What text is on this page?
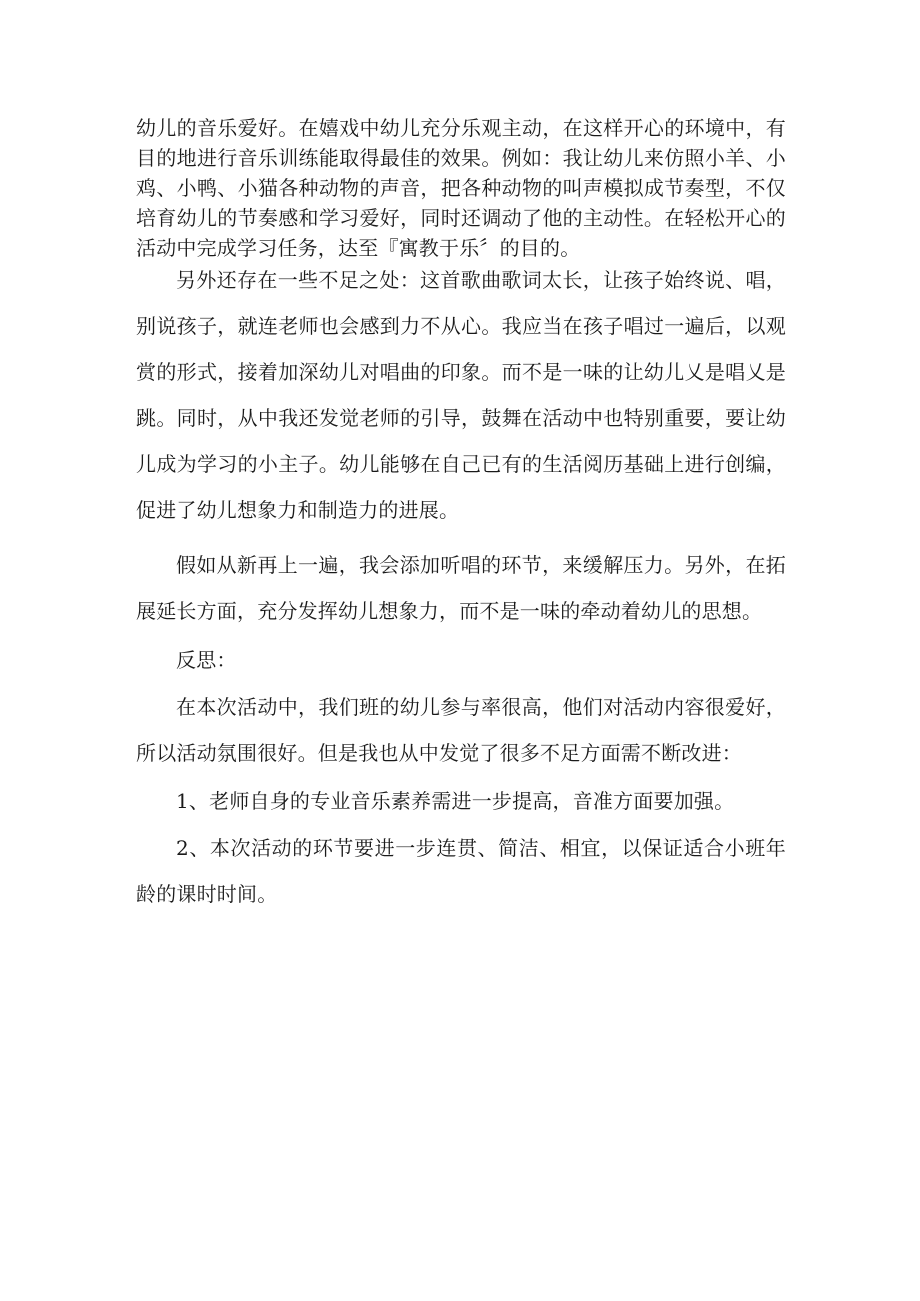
幼儿的音乐爱好。在嬉戏中幼儿充分乐观主动，在这样开心的环境中，有目的地进行音乐训练能取得最佳的效果。例如：我让幼儿来仿照小羊、小鸡、小鸭、小猫各种动物的声音，把各种动物的叫声模拟成节奏型，不仅培育幼儿的节奏感和学习爱好，同时还调动了他的主动性。在轻松开心的活动中完成学习任务，达至『寓教于乐〞的目的。

另外还存在一些不足之处：这首歌曲歌词太长，让孩子始终说、唱，别说孩子，就连老师也会感到力不从心。我应当在孩子唱过一遍后，以观赏的形式，接着加深幼儿对唱曲的印象。而不是一味的让幼儿乂是唱乂是跳。同时，从中我还发觉老师的引导，鼓舞在活动中也特别重要，要让幼儿成为学习的小主子。幼儿能够在自己已有的生活阅历基础上进行创编，促进了幼儿想象力和制造力的进展。

假如从新再上一遍，我会添加听唱的环节，来缓解压力。另外，在拓展延长方面，充分发挥幼儿想象力，而不是一味的牵动着幼儿的思想。

反思：

在本次活动中，我们班的幼儿参与率很高，他们对活动内容很爱好，所以活动氛围很好。但是我也从中发觉了很多不足方面需不断改进：

1、老师自身的专业音乐素养需进一步提高，音准方面要加强。

2、本次活动的环节要进一步连贯、简洁、相宜，以保证适合小班年龄的课时时间。
